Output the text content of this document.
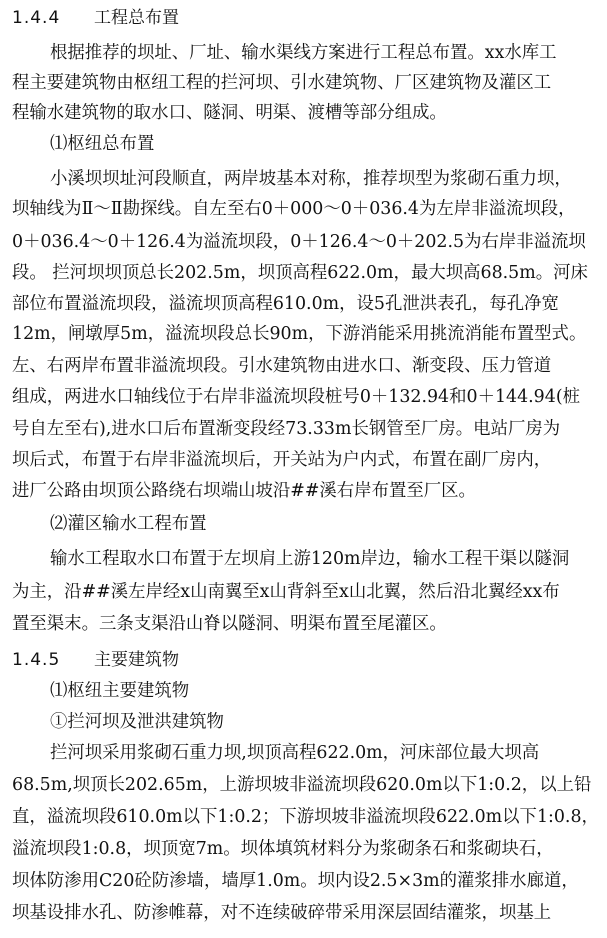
1.4.4 工程总布置
根据推荐的坝址、厂址、输水渠线方案进行工程总布置。xx水库工
程主要建筑物由枢纽工程的拦河坝、引水建筑物、厂区建筑物及灌区工
程输水建筑物的取水口、隧洞、明渠、渡槽等部分组成。
⑴枢纽总布置
小溪坝坝址河段顺直，两岸坡基本对称，推荐坝型为浆砌石重力坝，
坝轴线为Ⅱ～Ⅱ勘探线。自左至右0＋000～0＋036.4为左岸非溢流坝段，
0＋036.4～0＋126.4为溢流坝段，0＋126.4～0＋202.5为右岸非溢流坝
段。 拦河坝坝顶总长202.5m，坝顶高程622.0m，最大坝高68.5m。河床
部位布置溢流坝段，溢流坝顶高程610.0m，设5孔泄洪表孔，每孔净宽
12m，闸墩厚5m，溢流坝段总长90m，下游消能采用挑流消能布置型式。
左、右两岸布置非溢流坝段。引水建筑物由进水口、渐变段、压力管道
组成，两进水口轴线位于右岸非溢流坝段桩号0＋132.94和0＋144.94(桩
号自左至右),进水口后布置渐变段经73.33m长钢管至厂房。电站厂房为
坝后式，布置于右岸非溢流坝后，开关站为户内式，布置在副厂房内，
进厂公路由坝顶公路绕右坝端山坡沿##溪右岸布置至厂区。
⑵灌区输水工程布置
输水工程取水口布置于左坝肩上游120m岸边，输水工程干渠以隧洞
为主，沿##溪左岸经x山南翼至x山背斜至x山北翼，然后沿北翼经xx布
置至渠末。三条支渠沿山脊以隧洞、明渠布置至尾灌区。
1.4.5 主要建筑物
⑴枢纽主要建筑物
①拦河坝及泄洪建筑物
拦河坝采用浆砌石重力坝,坝顶高程622.0m，河床部位最大坝高
68.5m,坝顶长202.65m，上游坝坡非溢流坝段620.0m以下1:0.2，以上铅
直，溢流坝段610.0m以下1:0.2；下游坝坡非溢流坝段622.0m以下1:0.8，
溢流坝段1:0.8，坝顶宽7m。坝体填筑材料分为浆砌条石和浆砌块石，
坝体防渗用C20砼防渗墙，墙厚1.0m。坝内设2.5×3m的灌浆排水廊道，
坝基设排水孔、防渗帷幕，对不连续破碎带采用深层固结灌浆，坝基上
